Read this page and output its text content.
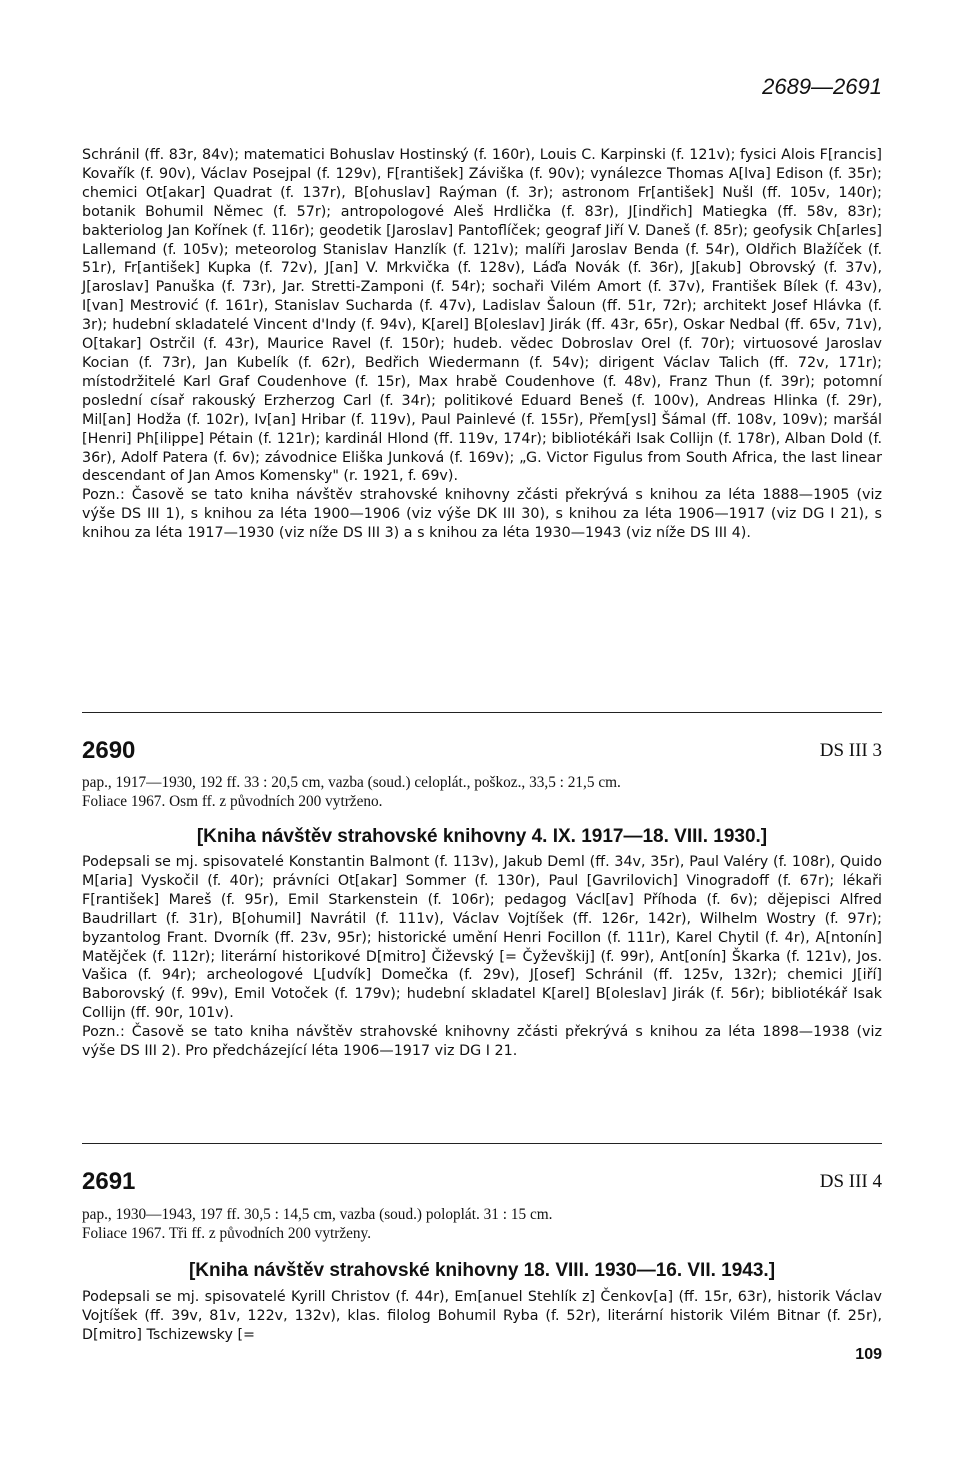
2689—2691

Schránil (ff. 83r, 84v); matematici Bohuslav Hostinský (f. 160r), Louis C. Karpinski (f. 121v); fysici Alois F[rancis] Kovařík (f. 90v), Václav Posejpal (f. 129v), F[rantišek] Záviška (f. 90v); vynálezce Thomas A[lva] Edison (f. 35r); chemici Ot[akar] Quadrat (f. 137r), B[ohuslav] Raýman (f. 3r); astronom Fr[antišek] Nušl (ff. 105v, 140r); botanik Bohumil Němec (f. 57r); antropologové Aleš Hrdlička (f. 83r), J[indřich] Matiegka (ff. 58v, 83r); bakteriolog Jan Kořínek (f. 116r); geodetik [Jaroslav] Pantoflíček; geograf Jiří V. Daneš (f. 85r); geofysik Ch[arles] Lallemand (f. 105v); meteorolog Stanislav Hanzlík (f. 121v); malíři Jaroslav Benda (f. 54r), Oldřich Blažíček (f. 51r), Fr[antišek] Kupka (f. 72v), J[an] V. Mrkvička (f. 128v), Láďa Novák (f. 36r), J[akub] Obrovský (f. 37v), J[aroslav] Panuška (f. 73r), Jar. Stretti-Zamponi (f. 54r); sochaři Vilém Amort (f. 37v), František Bílek (f. 43v), I[van] Mestrović (f. 161r), Stanislav Sucharda (f. 47v), Ladislav Šaloun (ff. 51r, 72r); architekt Josef Hlávka (f. 3r); hudební skladatelé Vincent d'Indy (f. 94v), K[arel] B[oleslav] Jirák (ff. 43r, 65r), Oskar Nedbal (ff. 65v, 71v), O[takar] Ostrčil (f. 43r), Maurice Ravel (f. 150r); hudeb. vědec Dobroslav Orel (f. 70r); virtuosové Jaroslav Kocian (f. 73r), Jan Kubelík (f. 62r), Bedřich Wiedermann (f. 54v); dirigent Václav Talich (ff. 72v, 171r); místodržitelé Karl Graf Coudenhove (f. 15r), Max hrabě Coudenhove (f. 48v), Franz Thun (f. 39r); potomní poslední císař rakouský Erzherzog Carl (f. 34r); politikové Eduard Beneš (f. 100v), Andreas Hlinka (f. 29r), Mil[an] Hodža (f. 102r), Iv[an] Hribar (f. 119v), Paul Painlevé (f. 155r), Přem[ysl] Šámal (ff. 108v, 109v); maršál [Henri] Ph[ilippe] Pétain (f. 121r); kardinál Hlond (ff. 119v, 174r); bibliotékáři Isak Collijn (f. 178r), Alban Dold (f. 36r), Adolf Patera (f. 6v); závodnice Eliška Junková (f. 169v); „G. Victor Figulus from South Africa, the last linear descendant of Jan Amos Komensky" (r. 1921, f. 69v).

Pozn.: Časově se tato kniha návštěv strahovské knihovny zčásti překrývá s knihou za léta 1888—1905 (viz výše DS III 1), s knihou za léta 1900—1906 (viz výše DK III 30), s knihou za léta 1906—1917 (viz DG I 21), s knihou za léta 1917—1930 (viz níže DS III 3) a s knihou za léta 1930—1943 (viz níže DS III 4).

2690	DS III 3

pap., 1917—1930, 192 ff. 33 : 20,5 cm, vazba (soud.) celoplát., poškoz., 33,5 : 21,5 cm.

Foliace 1967. Osm ff. z původních 200 vytrženo.

[Kniha návštěv strahovské knihovny 4. IX. 1917—18. VIII. 1930.]

Podepsali se mj. spisovatelé Konstantin Balmont (f. 113v), Jakub Deml (ff. 34v, 35r), Paul Valéry (f. 108r), Quido M[aria] Vyskočil (f. 40r); právníci Ot[akar] Sommer (f. 130r), Paul [Gavrilovich] Vinogradoff (f. 67r); lékaři F[rantišek] Mareš (f. 95r), Emil Starkenstein (f. 106r); pedagog Václ[av] Příhoda (f. 6v); dějepisci Alfred Baudrillart (f. 31r), B[ohumil] Navrátil (f. 111v), Václav Vojtíšek (ff. 126r, 142r), Wilhelm Wostry (f. 97r); byzantolog Frant. Dvorník (ff. 23v, 95r); historické umění Henri Focillon (f. 111r), Karel Chytil (f. 4r), A[ntonín] Matějček (f. 112r); literární historikové D[mitro] Čiževský [= Čyževškij] (f. 99r), Ant[onín] Škarka (f. 121v), Jos. Vašica (f. 94r); archeologové L[udvík] Domečka (f. 29v), J[osef] Schránil (ff. 125v, 132r); chemici J[iří] Baborovský (f. 99v), Emil Votoček (f. 179v); hudební skladatel K[arel] B[oleslav] Jirák (f. 56r); bibliotékář Isak Collijn (ff. 90r, 101v).

Pozn.: Časově se tato kniha návštěv strahovské knihovny zčásti překrývá s knihou za léta 1898—1938 (viz výše DS III 2). Pro předcházející léta 1906—1917 viz DG I 21.

2691	DS III 4

pap., 1930—1943, 197 ff. 30,5 : 14,5 cm, vazba (soud.) poloplát. 31 : 15 cm.

Foliace 1967. Tři ff. z původních 200 vytrženy.

[Kniha návštěv strahovské knihovny 18. VIII. 1930—16. VII. 1943.]

Podepsali se mj. spisovatelé Kyrill Christov (f. 44r), Em[anuel Stehlík z] Čenkov[a] (ff. 15r, 63r), historik Václav Vojtíšek (ff. 39v, 81v, 122v, 132v), klas. filolog Bohumil Ryba (f. 52r), literární historik Vilém Bitnar (f. 25r), D[mitro] Tschizewsky [=

109
